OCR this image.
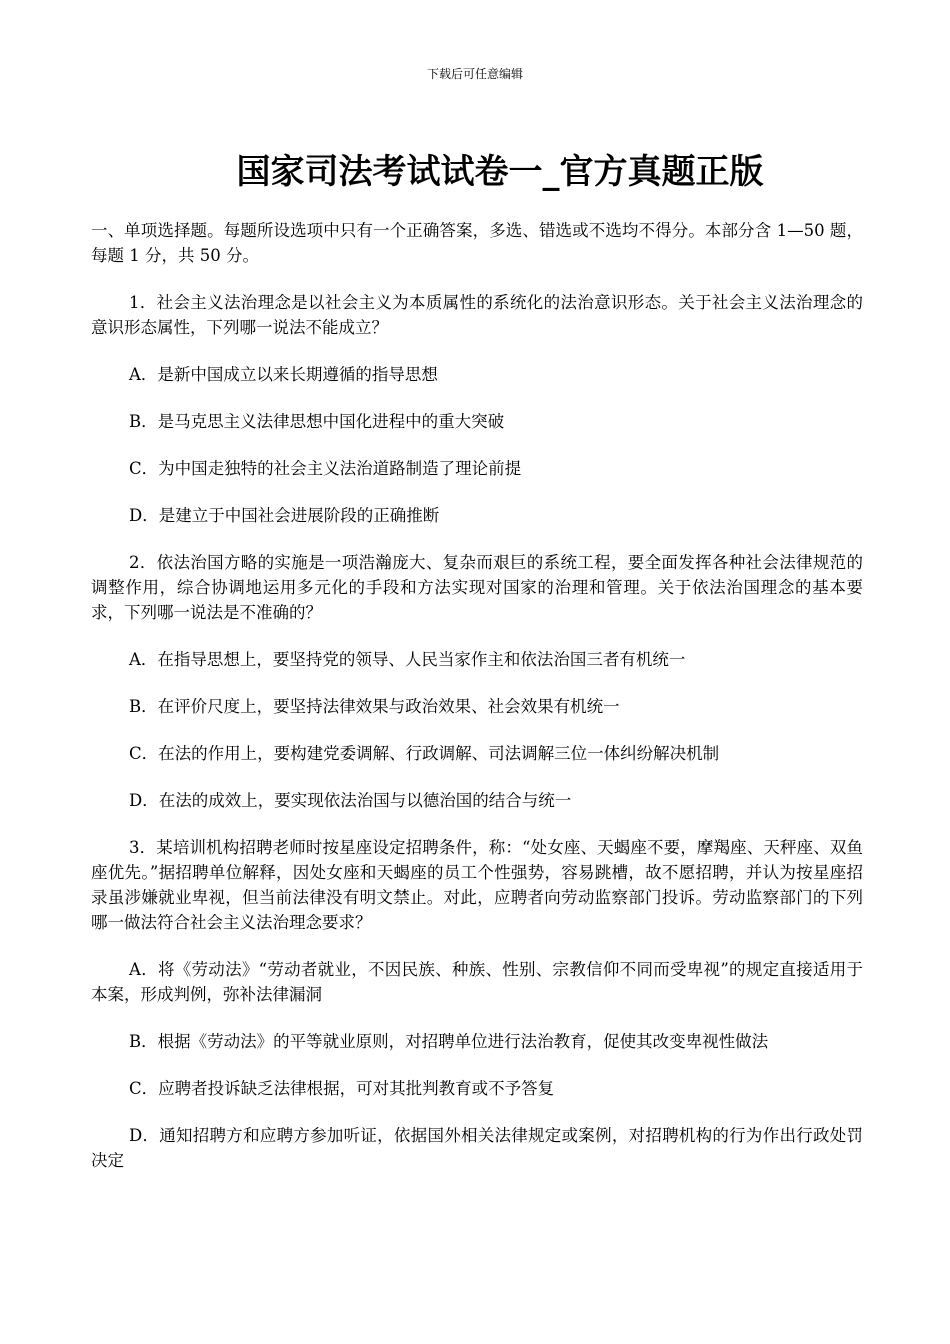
下载后可任意编辑
国家司法考试试卷一_官方真题正版

一、单项选择题。每题所设选项中只有一个正确答案，多选、错选或不选均不得分。本部分含 1—50 题，每题 1 分，共 50 分。

1．社会主义法治理念是以社会主义为本质属性的系统化的法治意识形态。关于社会主义法治理念的意识形态属性，下列哪一说法不能成立？

A．是新中国成立以来长期遵循的指导思想

B．是马克思主义法律思想中国化进程中的重大突破

C．为中国走独特的社会主义法治道路制造了理论前提

D．是建立于中国社会进展阶段的正确推断

2．依法治国方略的实施是一项浩瀚庞大、复杂而艰巨的系统工程，要全面发挥各种社会法律规范的调整作用，综合协调地运用多元化的手段和方法实现对国家的治理和管理。关于依法治国理念的基本要求，下列哪一说法是不准确的？

A．在指导思想上，要坚持党的领导、人民当家作主和依法治国三者有机统一

B．在评价尺度上，要坚持法律效果与政治效果、社会效果有机统一

C．在法的作用上，要构建党委调解、行政调解、司法调解三位一体纠纷解决机制

D．在法的成效上，要实现依法治国与以德治国的结合与统一

3．某培训机构招聘老师时按星座设定招聘条件，称：“处女座、天蝎座不要，摩羯座、天秤座、双鱼座优先。”据招聘单位解释，因处女座和天蝎座的员工个性强势，容易跳槽，故不愿招聘，并认为按星座招录虽涉嫌就业卑视，但当前法律没有明文禁止。对此，应聘者向劳动监察部门投诉。劳动监察部门的下列哪一做法符合社会主义法治理念要求？

A．将《劳动法》“劳动者就业，不因民族、种族、性别、宗教信仰不同而受卑视”的规定直接适用于本案，形成判例，弥补法律漏洞

B．根据《劳动法》的平等就业原则，对招聘单位进行法治教育，促使其改变卑视性做法

C．应聘者投诉缺乏法律根据，可对其批判教育或不予答复

D．通知招聘方和应聘方参加听证，依据国外相关法律规定或案例，对招聘机构的行为作出行政处罚决定
